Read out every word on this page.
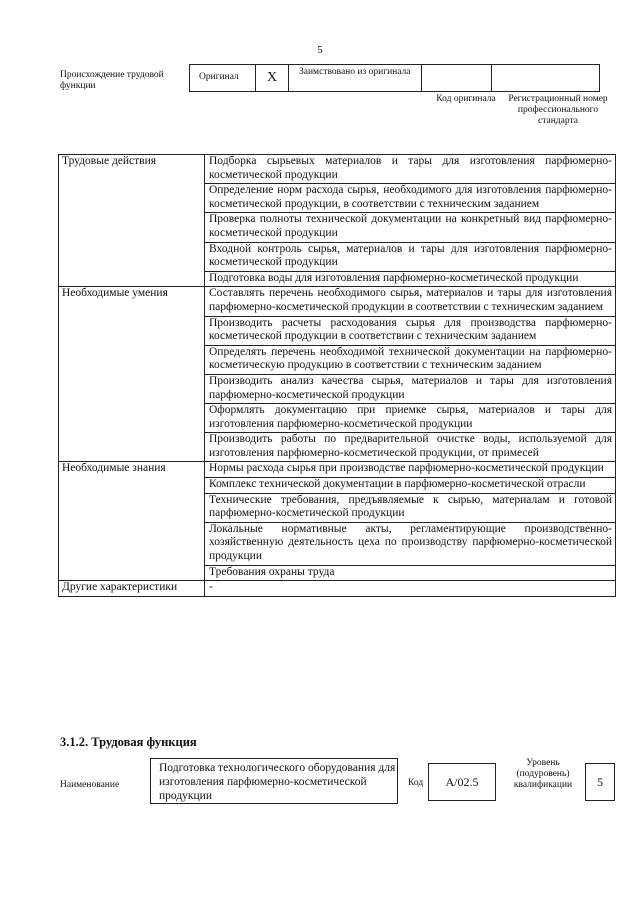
5
Происхождение трудовой функции
Оригинал	X	Заимствовано из оригинала
Код оригинала	Регистрационный номер профессионального стандарта
Трудовые действия	Подборка сырьевых материалов и тары для изготовления парфюмерно-косметической продукции
	Определение норм расхода сырья, необходимого для изготовления парфюмерно-косметической продукции, в соответствии с техническим заданием
	Проверка полноты технической документации на конкретный вид парфюмерно-косметической продукции
	Входной контроль сырья, материалов и тары для изготовления парфюмерно-косметической продукции
	Подготовка воды для изготовления парфюмерно-косметической продукции
Необходимые умения	Составлять перечень необходимого сырья, материалов и тары для изготовления парфюмерно-косметической продукции в соответствии с техническим заданием
	Производить расчеты расходования сырья для производства парфюмерно-косметической продукции в соответствии с техническим заданием
	Определять перечень необходимой технической документации на парфюмерно-косметическую продукцию в соответствии с техническим заданием
	Производить анализ качества сырья, материалов и тары для изготовления парфюмерно-косметической продукции
	Оформлять документацию при приемке сырья, материалов и тары для изготовления парфюмерно-косметической продукции
	Производить работы по предварительной очистке воды, используемой для изготовления парфюмерно-косметической продукции, от примесей
Необходимые знания	Нормы расхода сырья при производстве парфюмерно-косметической продукции
	Комплекс технической документации в парфюмерно-косметической отрасли
	Технические требования, предъявляемые к сырью, материалам и готовой парфюмерно-косметической продукции
	Локальные нормативные акты, регламентирующие производственно-хозяйственную деятельность цеха по производству парфюмерно-косметической продукции
	Требования охраны труда
Другие характеристики	-
3.1.2. Трудовая функция
Наименование
Подготовка технологического оборудования для изготовления парфюмерно-косметической продукции
Код	А/02.5
Уровень (подуровень) квалификации	5
